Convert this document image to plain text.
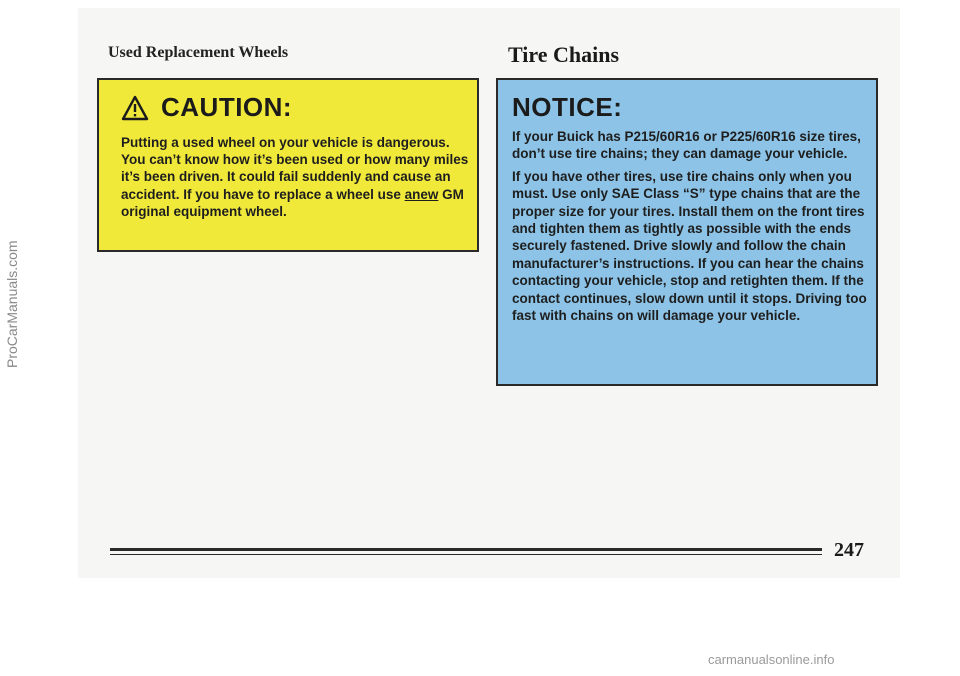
Used Replacement Wheels	Tire Chains
CAUTION:
Putting a used wheel on your vehicle is dangerous. You can’t know how it’s been used or how many miles it’s been driven. It could fail suddenly and cause an accident. If you have to replace a wheel use anew GM original equipment wheel.
NOTICE:

If your Buick has P215/60R16 or P225/60R16 size tires, don’t use tire chains; they can damage your vehicle.

If you have other tires, use tire chains only when you must. Use only SAE Class “S” type chains that are the proper size for your tires. Install them on the front tires and tighten them as tightly as possible with the ends securely fastened. Drive slowly and follow the chain manufacturer’s instructions. If you can hear the chains contacting your vehicle, stop and retighten them. If the contact continues, slow down until it stops. Driving too fast with chains on will damage your vehicle.

ProCarManuals.com
247
carmanualsonline.info
